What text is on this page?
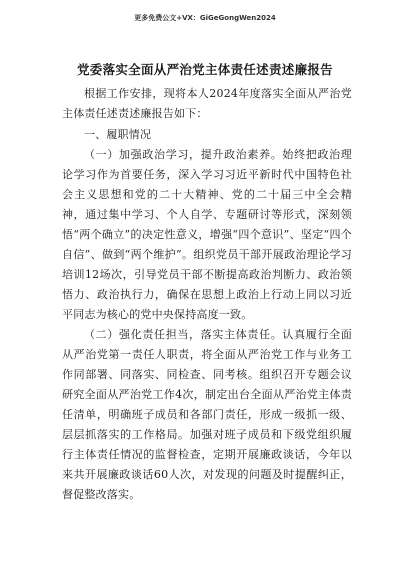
更多免费公文+VX：GiGeGongWen2024
党委落实全面从严治党主体责任述责述廉报告

根据工作安排，现将本人2024年度落实全面从严治党主体责任述责述廉报告如下：

一、履职情况

（一）加强政治学习，提升政治素养。始终把政治理论学习作为首要任务，深入学习习近平新时代中国特色社会主义思想和党的二十大精神、党的二十届三中全会精神，通过集中学习、个人自学、专题研讨等形式，深刻领悟“两个确立”的决定性意义，增强“四个意识”、坚定“四个自信”、做到“两个维护”。组织党员干部开展政治理论学习培训12场次，引导党员干部不断提高政治判断力、政治领悟力、政治执行力，确保在思想上政治上行动上同以习近平同志为核心的党中央保持高度一致。

（二）强化责任担当，落实主体责任。认真履行全面从严治党第一责任人职责，将全面从严治党工作与业务工作同部署、同落实、同检查、同考核。组织召开专题会议研究全面从严治党工作4次，制定出台全面从严治党主体责任清单，明确班子成员和各部门责任，形成一级抓一级、层层抓落实的工作格局。加强对班子成员和下级党组织履行主体责任情况的监督检查，定期开展廉政谈话，今年以来共开展廉政谈话60人次，对发现的问题及时提醒纠正，督促整改落实。
